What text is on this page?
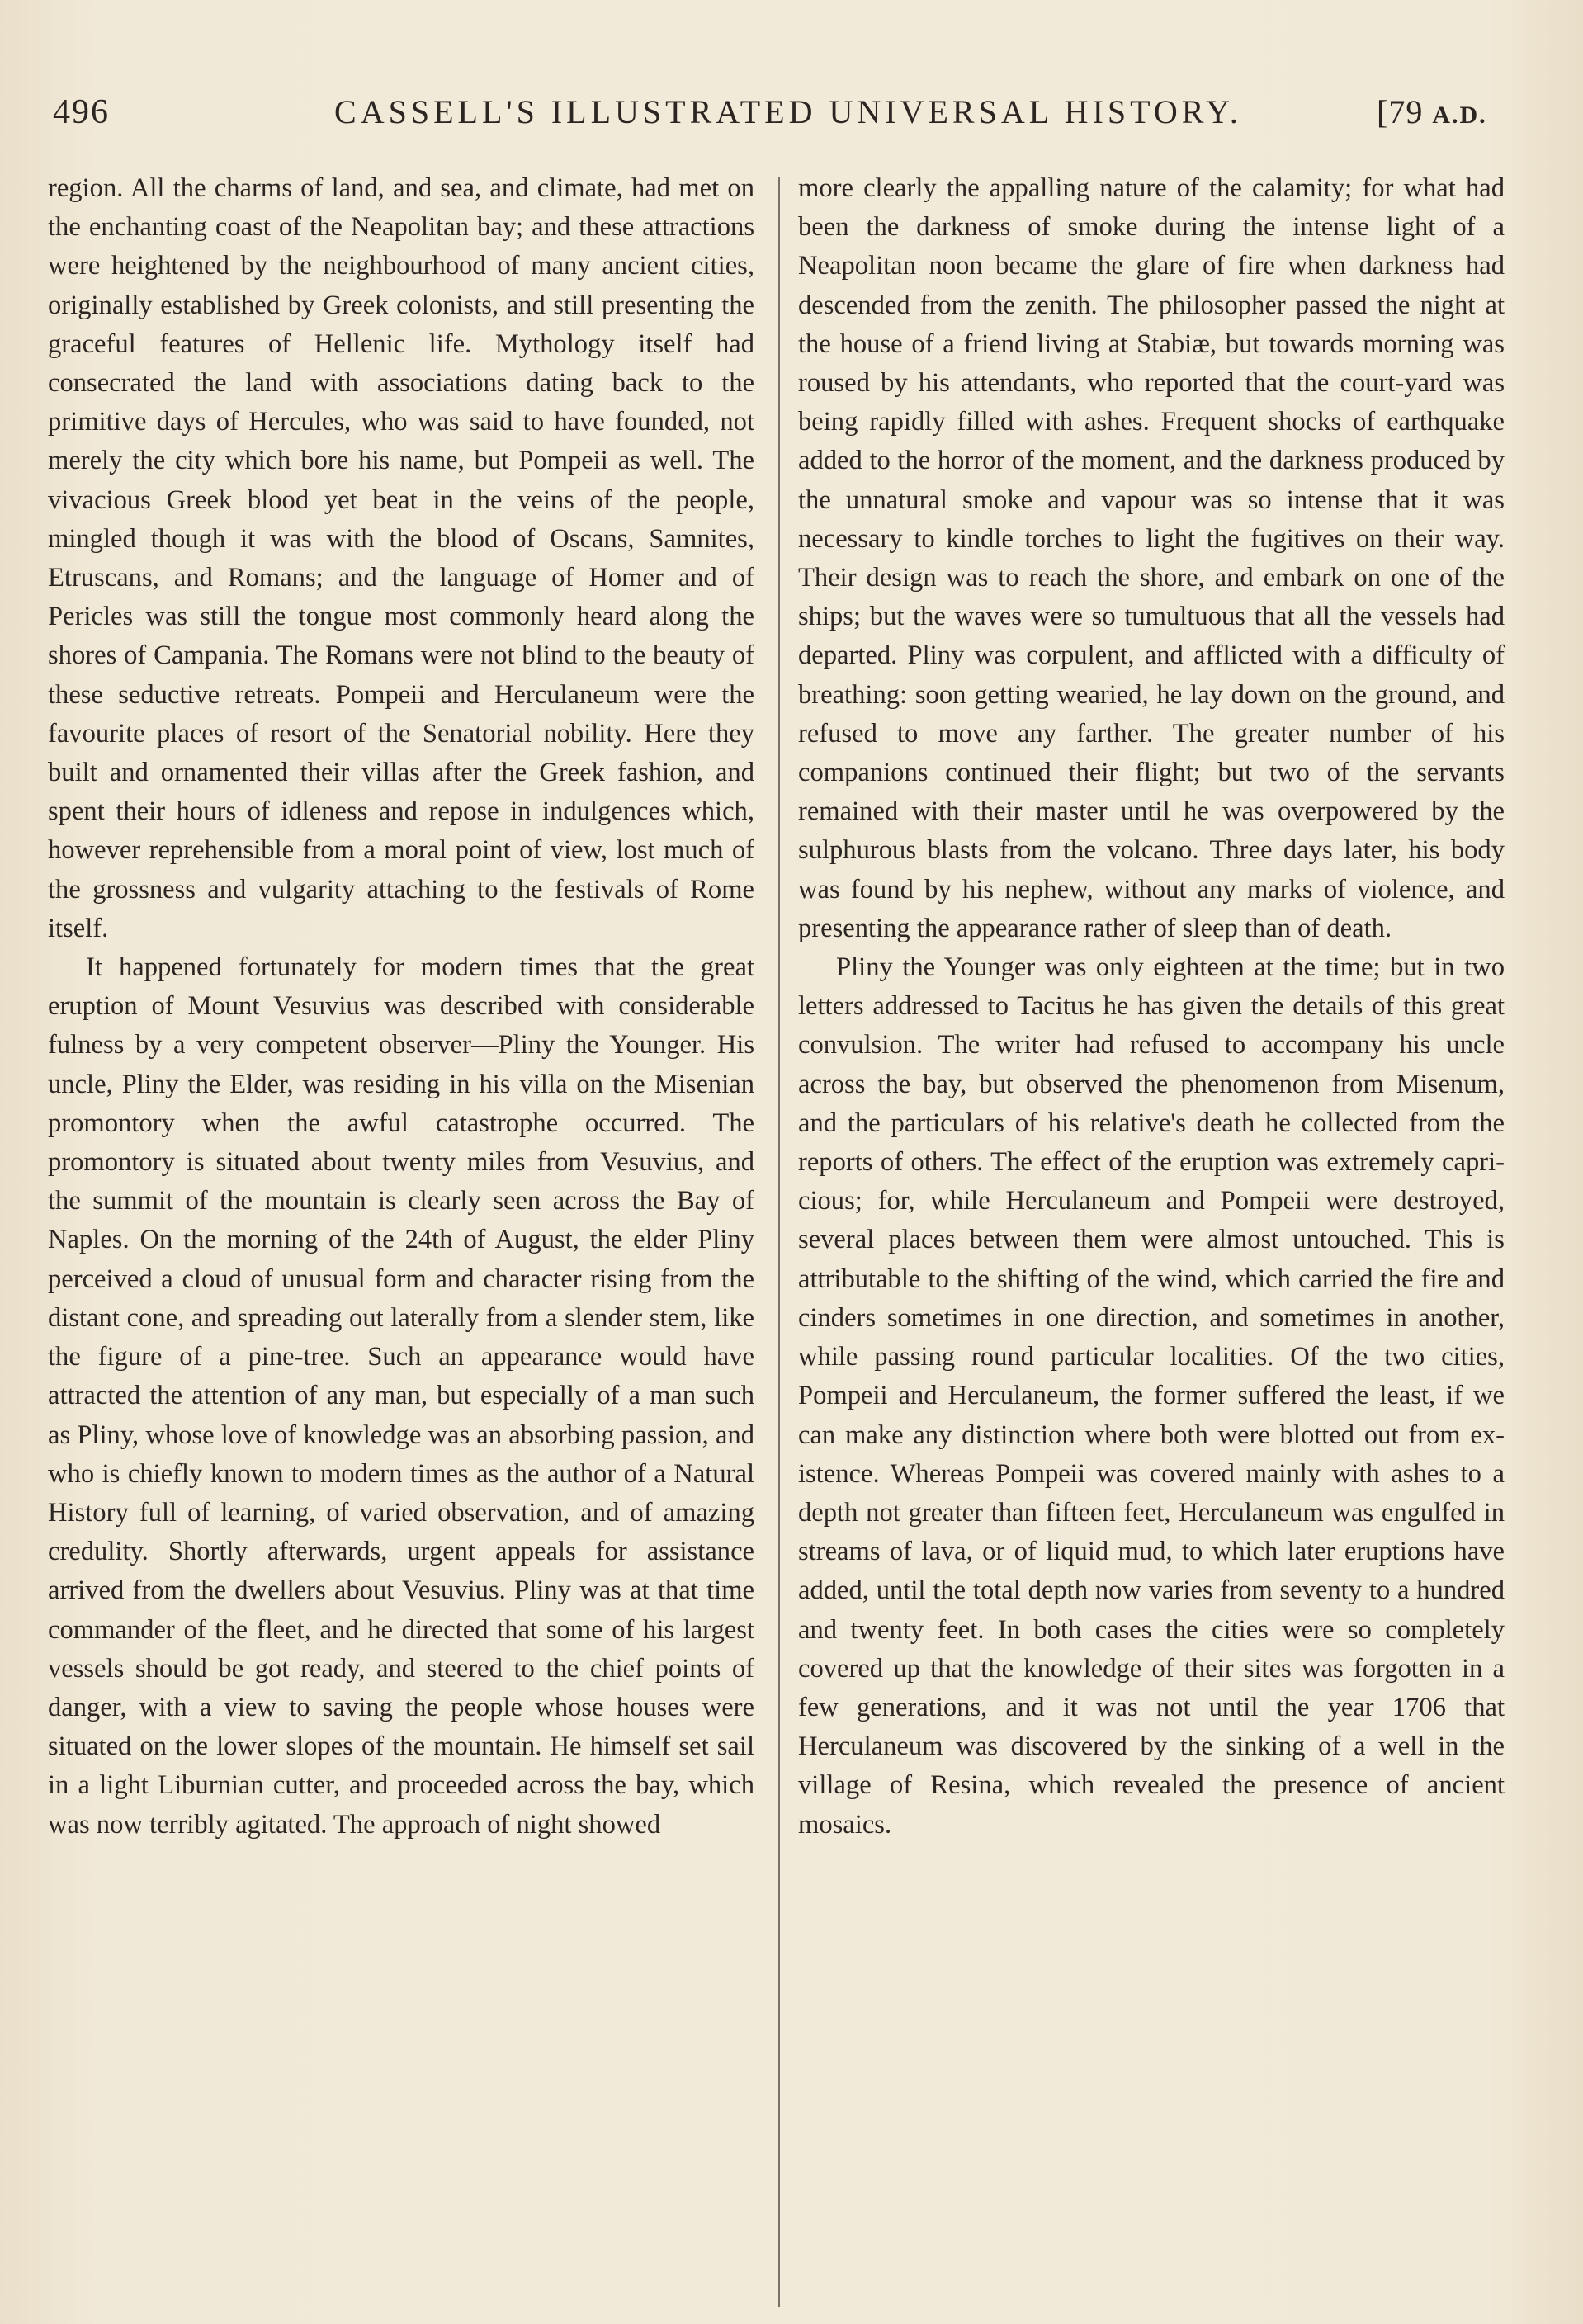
496	CASSELL'S ILLUSTRATED UNIVERSAL HISTORY.	[79 A.D.

region. All the charms of land, and sea, and climate, had met on the enchanting coast of the Neapolitan bay; and these attractions were heightened by the neighbourhood of many ancient cities, originally established by Greek colonists, and still presenting the graceful features of Hellenic life. Mythology itself had consecrated the land with associations dating back to the primitive days of Hercules, who was said to have founded, not merely the city which bore his name, but Pompeii as well. The vivacious Greek blood yet beat in the veins of the people, mingled though it was with the blood of Oscans, Samnites, Etruscans, and Romans; and the language of Homer and of Pericles was still the tongue most commonly heard along the shores of Campania. The Romans were not blind to the beauty of these seductive retreats. Pompeii and Herculaneum were the favourite places of resort of the Senatorial nobility. Here they built and ornamented their villas after the Greek fashion, and spent their hours of idleness and repose in indulgences which, however reprehensible from a moral point of view, lost much of the grossness and vulgarity attaching to the festivals of Rome itself.

It happened fortunately for modern times that the great eruption of Mount Vesuvius was described with considerable fulness by a very competent observer—Pliny the Younger. His uncle, Pliny the Elder, was residing in his villa on the Misenian promontory when the awful catastrophe occurred. The promontory is situated about twenty miles from Vesuvius, and the summit of the mountain is clearly seen across the Bay of Naples. On the morning of the 24th of August, the elder Pliny perceived a cloud of unusual form and character rising from the distant cone, and spreading out laterally from a slender stem, like the figure of a pine-tree. Such an appearance would have attracted the attention of any man, but especially of a man such as Pliny, whose love of knowledge was an absorbing passion, and who is chiefly known to modern times as the author of a Natural History full of learning, of varied observation, and of amazing credulity. Shortly afterwards, urgent appeals for assistance arrived from the dwellers about Vesuvius. Pliny was at that time commander of the fleet, and he directed that some of his largest vessels should be got ready, and steered to the chief points of danger, with a view to saving the people whose houses were situated on the lower slopes of the mountain. He himself set sail in a light Liburnian cutter, and proceeded across the bay, which was now terribly agitated. The approach of night showed

more clearly the appalling nature of the calamity; for what had been the darkness of smoke during the intense light of a Neapolitan noon became the glare of fire when darkness had descended from the zenith. The philosopher passed the night at the house of a friend living at Stabiæ, but towards morning was roused by his attendants, who reported that the court-yard was being rapidly filled with ashes. Frequent shocks of earthquake added to the horror of the moment, and the darkness produced by the unnatural smoke and vapour was so intense that it was necessary to kindle torches to light the fugitives on their way. Their design was to reach the shore, and embark on one of the ships; but the waves were so tumultuous that all the vessels had departed. Pliny was corpulent, and afflicted with a difficulty of breathing: soon getting wearied, he lay down on the ground, and refused to move any farther. The greater number of his companions continued their flight; but two of the servants remained with their master until he was overpowered by the sulphurous blasts from the volcano. Three days later, his body was found by his nephew, without any marks of violence, and presenting the appearance rather of sleep than of death.

Pliny the Younger was only eighteen at the time; but in two letters addressed to Tacitus he has given the details of this great convulsion. The writer had refused to accompany his uncle across the bay, but observed the phenomenon from Misenum, and the particulars of his relative's death he collected from the reports of others. The effect of the eruption was extremely capricious; for, while Herculaneum and Pompeii were destroyed, several places between them were almost untouched. This is attributable to the shifting of the wind, which carried the fire and cinders sometimes in one direction, and sometimes in another, while passing round particular localities. Of the two cities, Pompeii and Herculaneum, the former suffered the least, if we can make any distinction where both were blotted out from existence. Whereas Pompeii was covered mainly with ashes to a depth not greater than fifteen feet, Herculaneum was engulfed in streams of lava, or of liquid mud, to which later eruptions have added, until the total depth now varies from seventy to a hundred and twenty feet. In both cases the cities were so completely covered up that the knowledge of their sites was forgotten in a few generations, and it was not until the year 1706 that Herculaneum was discovered by the sinking of a well in the village of Resina, which revealed the presence of ancient mosaics.
